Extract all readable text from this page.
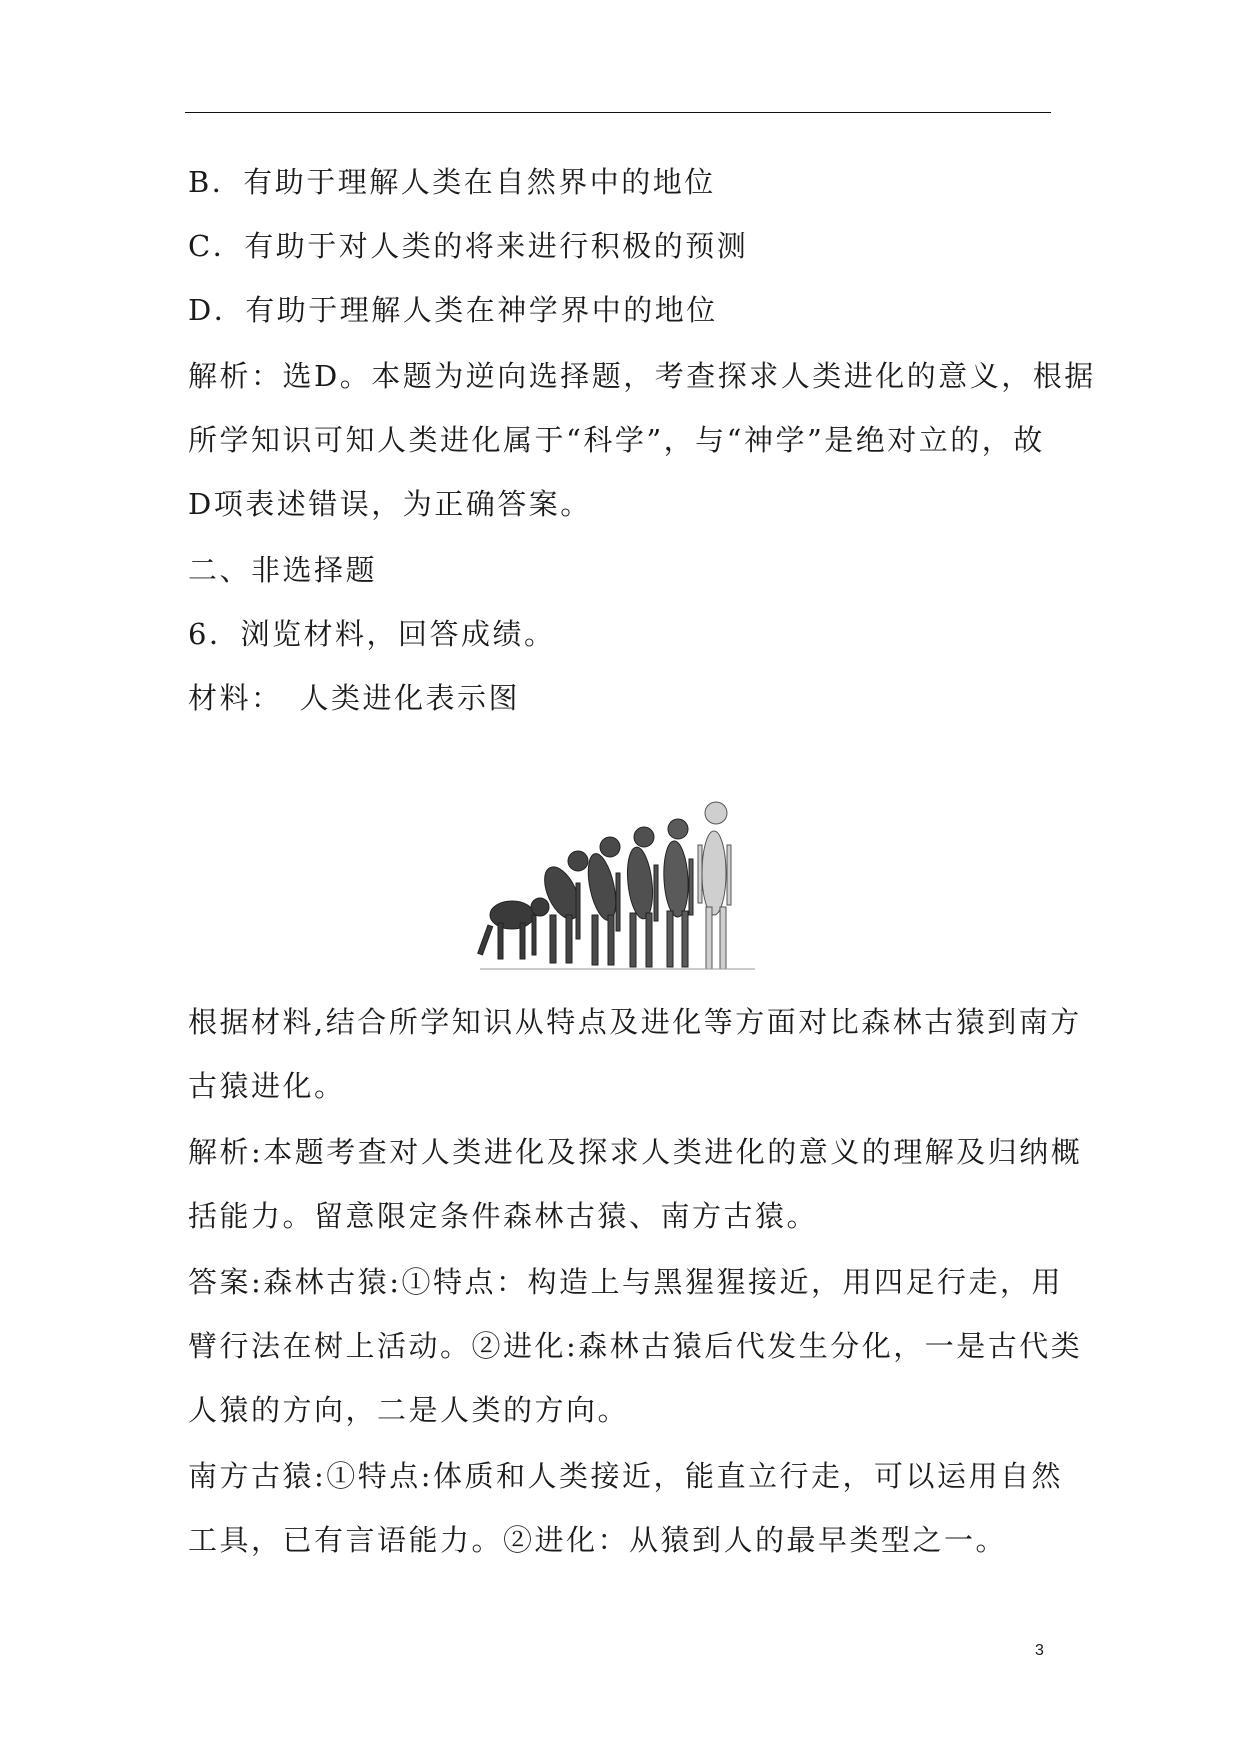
B．有助于理解人类在自然界中的地位
C．有助于对人类的将来进行积极的预测
D．有助于理解人类在神学界中的地位
解析：选D。本题为逆向选择题，考查探求人类进化的意义，根据
所学知识可知人类进化属于“科学”，与“神学”是绝对立的，故
D项表述错误，为正确答案。
二、非选择题
6．浏览材料，回答成绩。
材料：　人类进化表示图
根据材料,结合所学知识从特点及进化等方面对比森林古猿到南方
古猿进化。
解析:本题考查对人类进化及探求人类进化的意义的理解及归纳概
括能力。留意限定条件森林古猿、南方古猿。
答案:森林古猿:①特点：构造上与黑猩猩接近，用四足行走，用
臂行法在树上活动。②进化:森林古猿后代发生分化，一是古代类
人猿的方向，二是人类的方向。
南方古猿:①特点:体质和人类接近，能直立行走，可以运用自然
工具，已有言语能力。②进化：从猿到人的最早类型之一。
3
